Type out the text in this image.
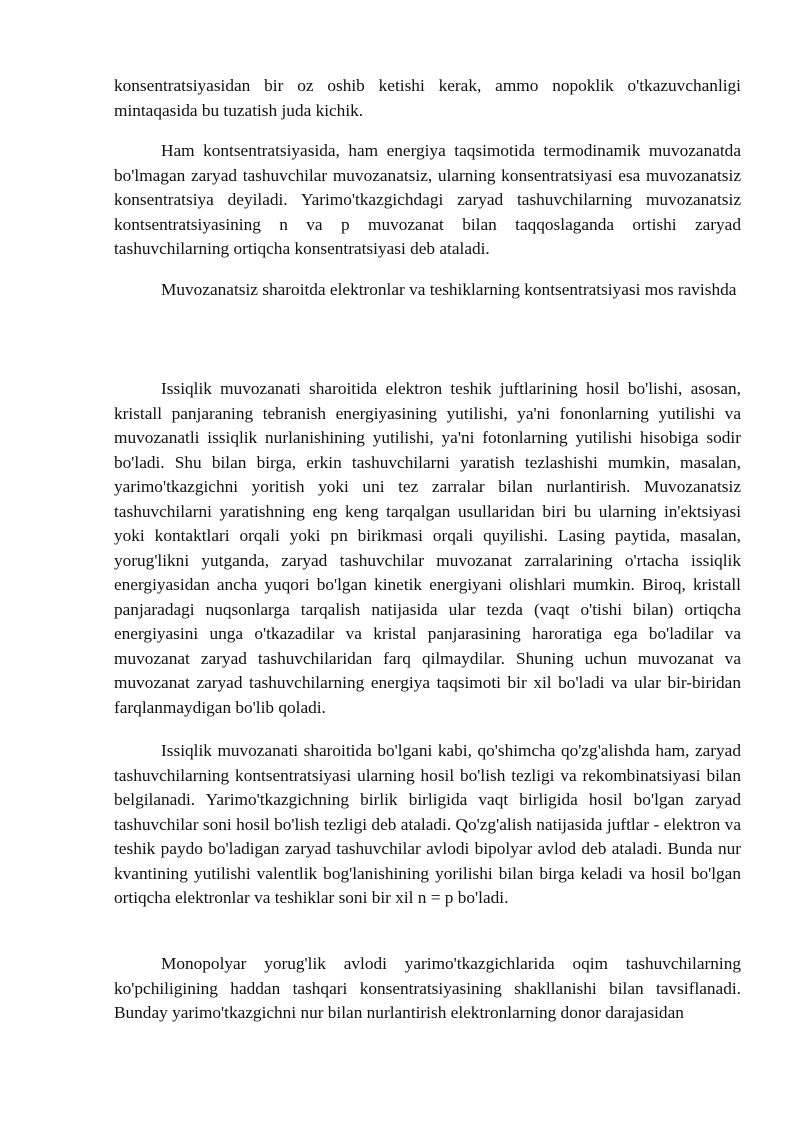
konsentratsiyasidan bir oz oshib ketishi kerak, ammo nopoklik o'tkazuvchanligi mintaqasida bu tuzatish juda kichik.

Ham kontsentratsiyasida, ham energiya taqsimotida termodinamik muvozanatda bo'lmagan zaryad tashuvchilar muvozanatsiz, ularning konsentratsiyasi esa muvozanatsiz konsentratsiya deyiladi. Yarimo'tkazgichdagi zaryad tashuvchilarning muvozanatsiz kontsentratsiyasining n va p muvozanat bilan taqqoslaganda ortishi zaryad tashuvchilarning ortiqcha konsentratsiyasi deb ataladi.

Muvozanatsiz sharoitda elektronlar va teshiklarning kontsentratsiyasi mos ravishda

Issiqlik muvozanati sharoitida elektron teshik juftlarining hosil bo'lishi, asosan, kristall panjaraning tebranish energiyasining yutilishi, ya'ni fononlarning yutilishi va muvozanatli issiqlik nurlanishining yutilishi, ya'ni fotonlarning yutilishi hisobiga sodir bo'ladi. Shu bilan birga, erkin tashuvchilarni yaratish tezlashishi mumkin, masalan, yarimo'tkazgichni yoritish yoki uni tez zarralar bilan nurlantirish. Muvozanatsiz tashuvchilarni yaratishning eng keng tarqalgan usullaridan biri bu ularning in'ektsiyasi yoki kontaktlari orqali yoki pn birikmasi orqali quyilishi. Lasing paytida, masalan, yorug'likni yutganda, zaryad tashuvchilar muvozanat zarralarining o'rtacha issiqlik energiyasidan ancha yuqori bo'lgan kinetik energiyani olishlari mumkin. Biroq, kristall panjaradagi nuqsonlarga tarqalish natijasida ular tezda (vaqt o'tishi bilan) ortiqcha energiyasini unga o'tkazadilar va kristal panjarasining haroratiga ega bo'ladilar va muvozanat zaryad tashuvchilaridan farq qilmaydilar. Shuning uchun muvozanat va muvozanat zaryad tashuvchilarning energiya taqsimoti bir xil bo'ladi va ular bir-biridan farqlanmaydigan bo'lib qoladi.

Issiqlik muvozanati sharoitida bo'lgani kabi, qo'shimcha qo'zg'alishda ham, zaryad tashuvchilarning kontsentratsiyasi ularning hosil bo'lish tezligi va rekombinatsiyasi bilan belgilanadi. Yarimo'tkazgichning birlik birligida vaqt birligida hosil bo'lgan zaryad tashuvchilar soni hosil bo'lish tezligi deb ataladi. Qo'zg'alish natijasida juftlar - elektron va teshik paydo bo'ladigan zaryad tashuvchilar avlodi bipolyar avlod deb ataladi. Bunda nur kvantining yutilishi valentlik bog'lanishining yorilishi bilan birga keladi va hosil bo'lgan ortiqcha elektronlar va teshiklar soni bir xil n = p bo'ladi.

Monopolyar yorug'lik avlodi yarimo'tkazgichlarida oqim tashuvchilarning ko'pchiligining haddan tashqari konsentratsiyasining shakllanishi bilan tavsiflanadi. Bunday yarimo'tkazgichni nur bilan nurlantirish elektronlarning donor darajasidan
